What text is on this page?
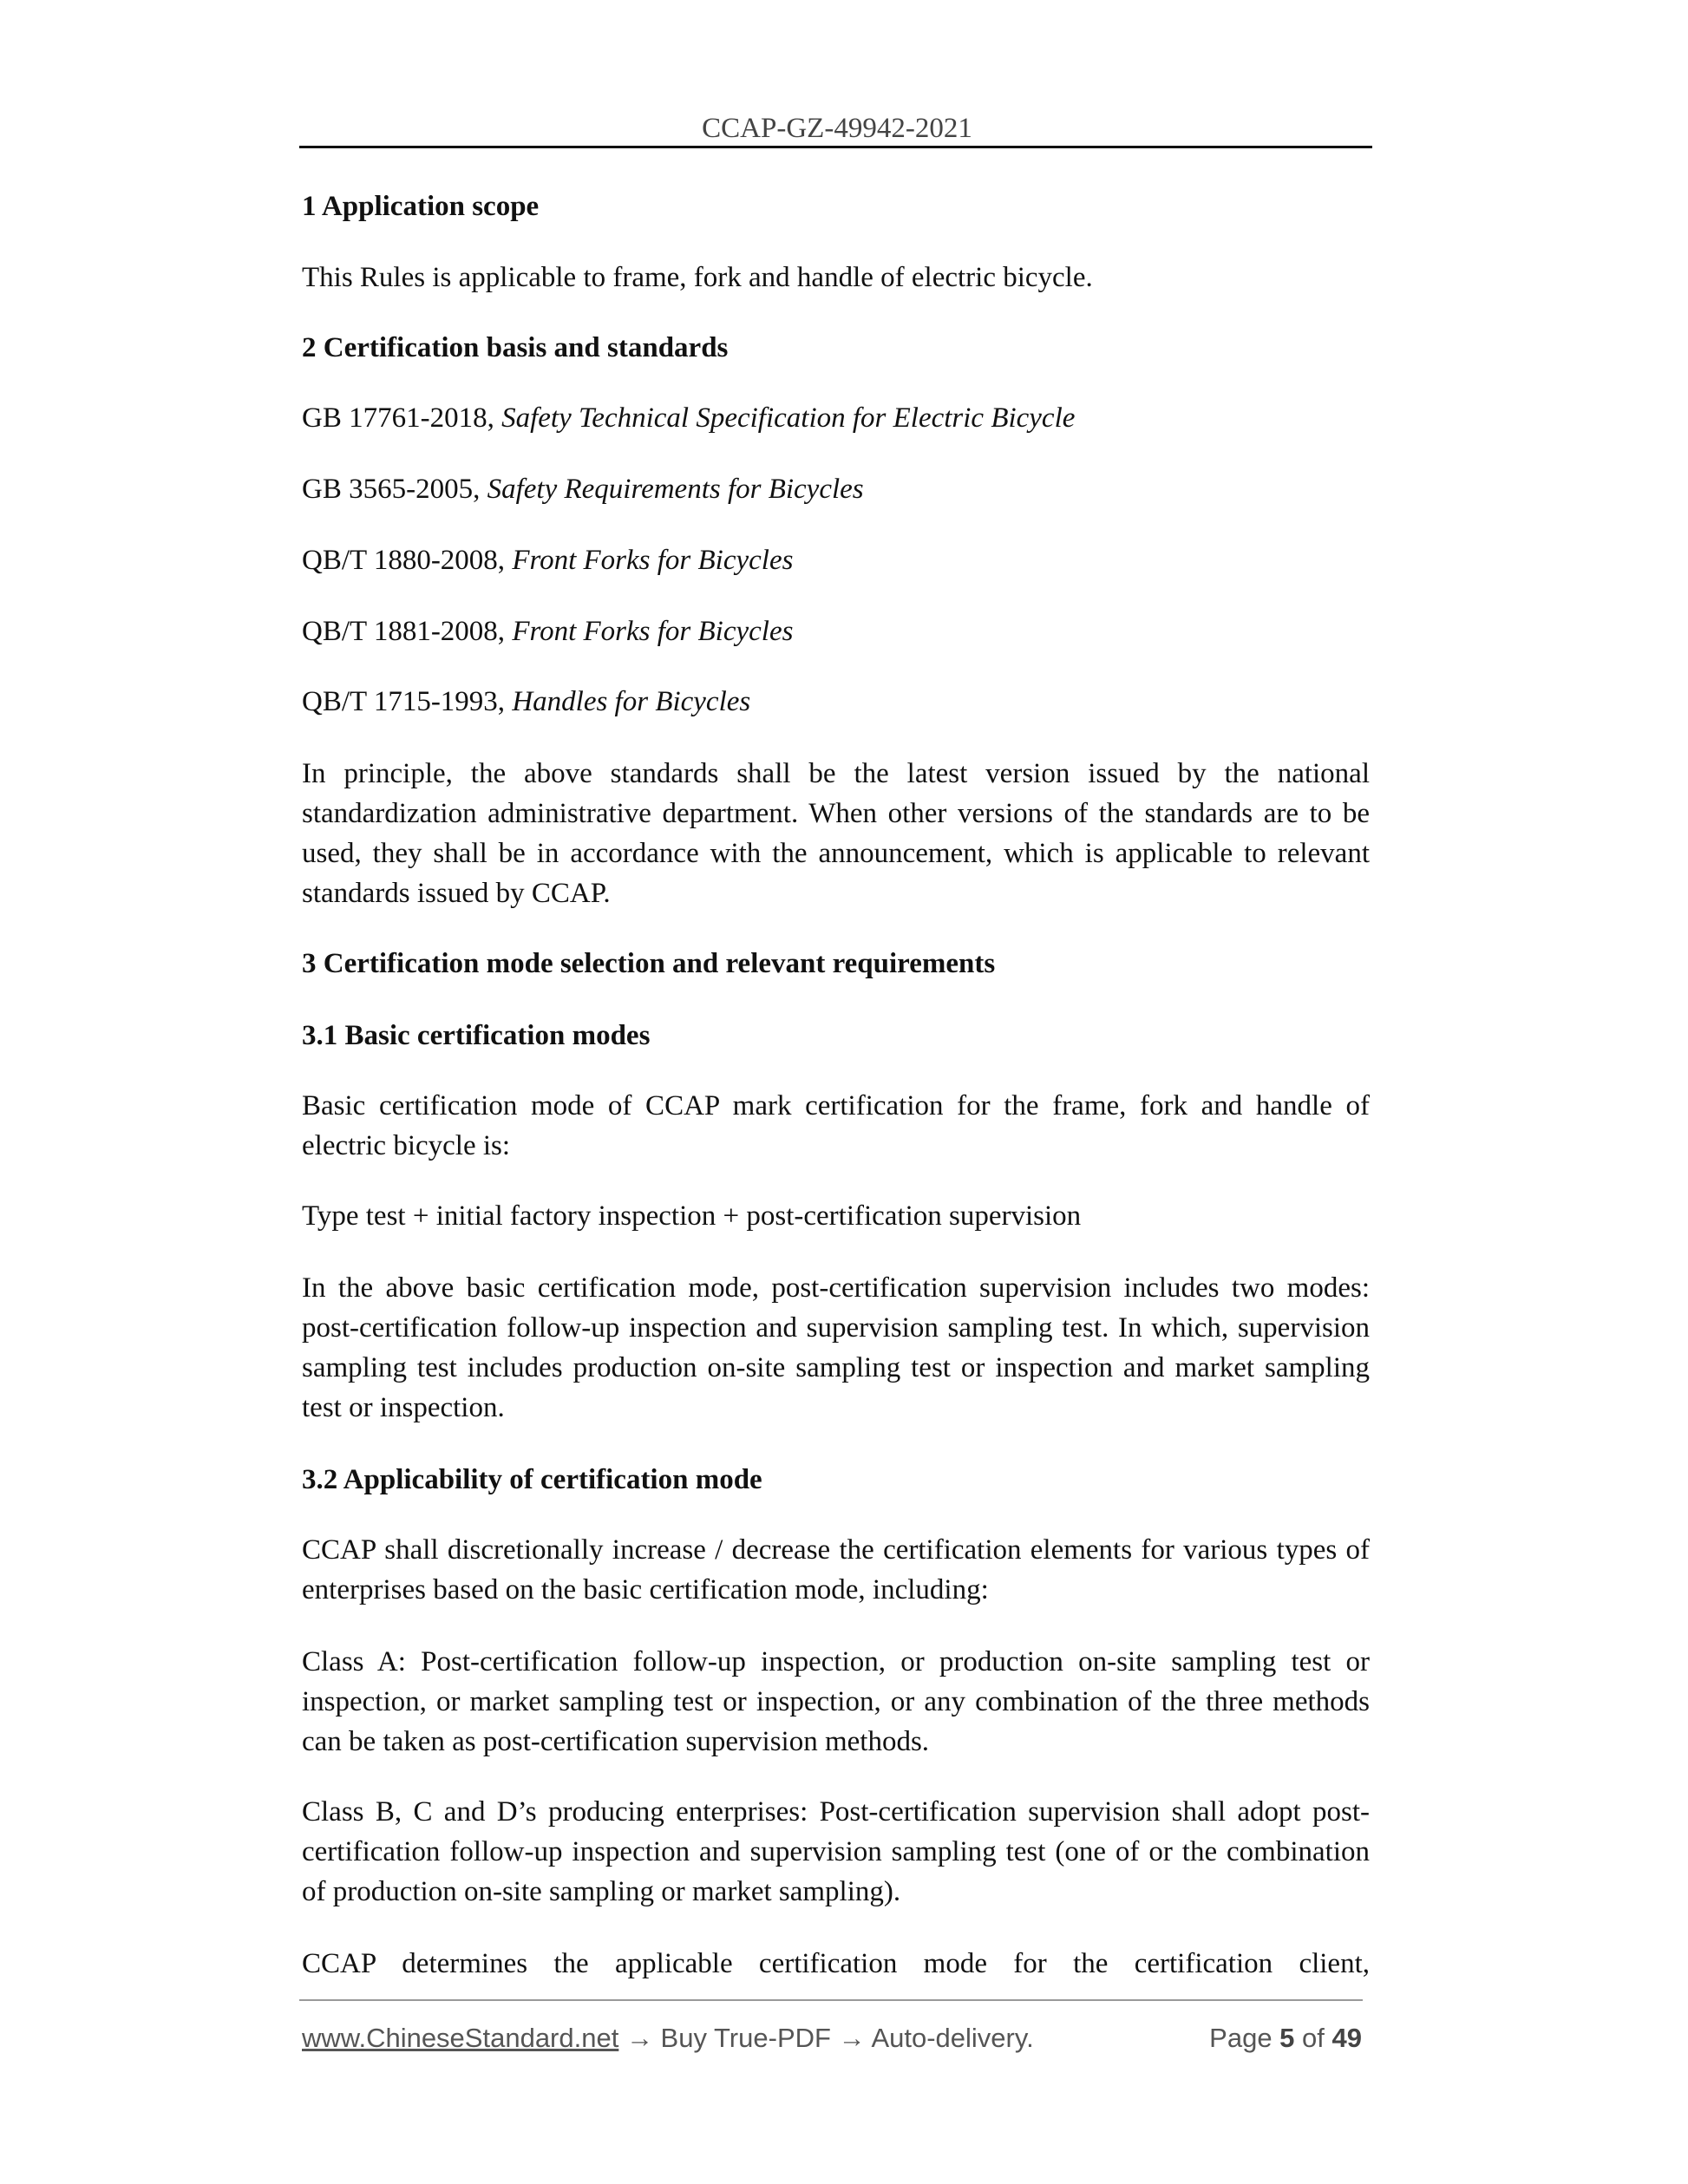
CCAP-GZ-49942-2021

1 Application scope

This Rules is applicable to frame, fork and handle of electric bicycle.

2 Certification basis and standards

GB 17761-2018, Safety Technical Specification for Electric Bicycle

GB 3565-2005, Safety Requirements for Bicycles

QB/T 1880-2008, Front Forks for Bicycles

QB/T 1881-2008, Front Forks for Bicycles

QB/T 1715-1993, Handles for Bicycles

In principle, the above standards shall be the latest version issued by the national standardization administrative department. When other versions of the standards are to be used, they shall be in accordance with the announcement, which is applicable to relevant standards issued by CCAP.

3 Certification mode selection and relevant requirements

3.1 Basic certification modes

Basic certification mode of CCAP mark certification for the frame, fork and handle of electric bicycle is:

Type test + initial factory inspection + post-certification supervision

In the above basic certification mode, post-certification supervision includes two modes: post-certification follow-up inspection and supervision sampling test. In which, supervision sampling test includes production on-site sampling test or inspection and market sampling test or inspection.

3.2 Applicability of certification mode

CCAP shall discretionally increase / decrease the certification elements for various types of enterprises based on the basic certification mode, including:

Class A: Post-certification follow-up inspection, or production on-site sampling test or inspection, or market sampling test or inspection, or any combination of the three methods can be taken as post-certification supervision methods.

Class B, C and D’s producing enterprises: Post-certification supervision shall adopt post-certification follow-up inspection and supervision sampling test (one of or the combination of production on-site sampling or market sampling).

CCAP determines the applicable certification mode for the certification client,

www.ChineseStandard.net → Buy True-PDF → Auto-delivery.	Page 5 of 49
